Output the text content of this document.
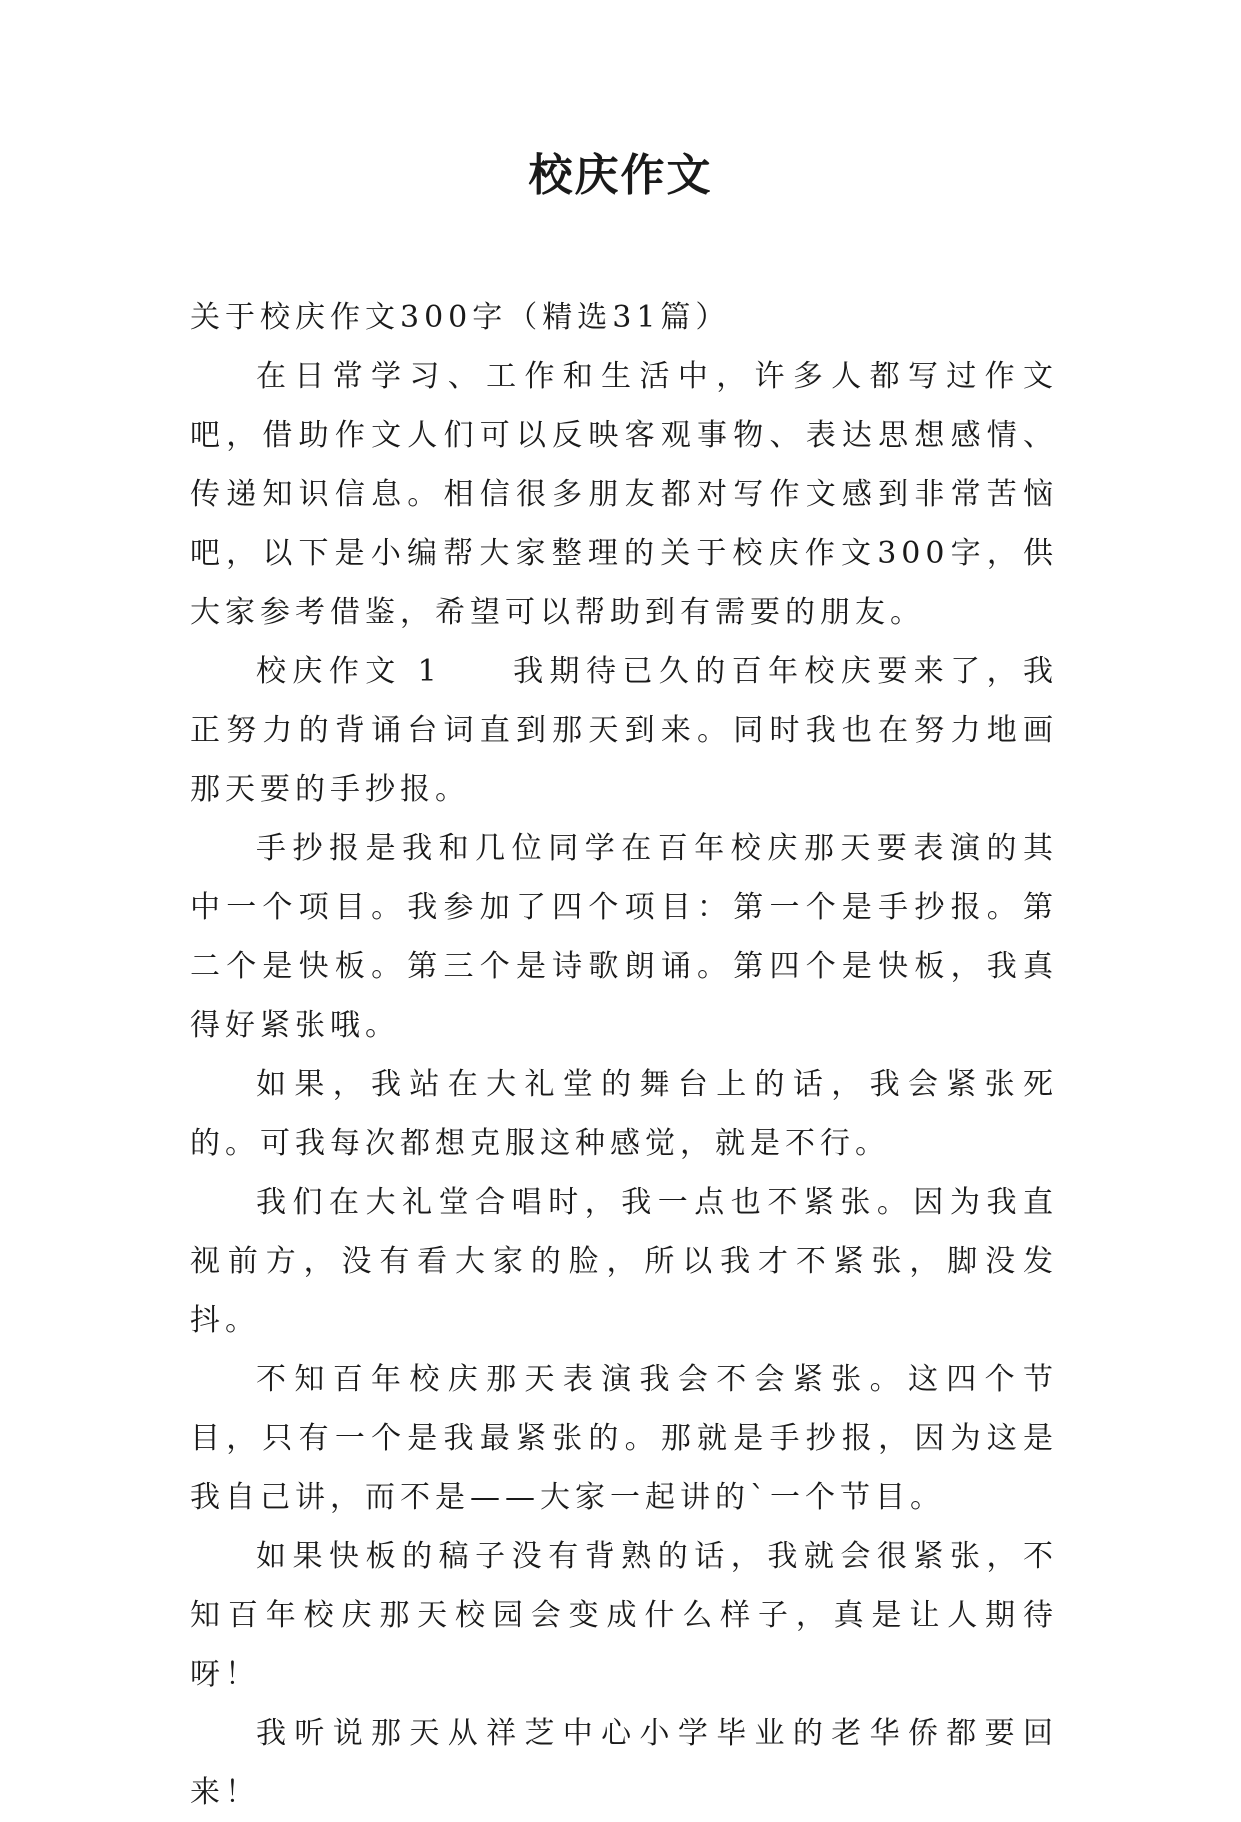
校庆作文

关于校庆作文300字（精选31篇）

在日常学习、工作和生活中，许多人都写过作文吧，借助作文人们可以反映客观事物、表达思想感情、传递知识信息。相信很多朋友都对写作文感到非常苦恼吧，以下是小编帮大家整理的关于校庆作文300字，供大家参考借鉴，希望可以帮助到有需要的朋友。

校庆作文 1 我期待已久的百年校庆要来了，我正努力的背诵台词直到那天到来。同时我也在努力地画那天要的手抄报。

手抄报是我和几位同学在百年校庆那天要表演的其中一个项目。我参加了四个项目：第一个是手抄报。第二个是快板。第三个是诗歌朗诵。第四个是快板，我真得好紧张哦。

如果，我站在大礼堂的舞台上的话，我会紧张死的。可我每次都想克服这种感觉，就是不行。

我们在大礼堂合唱时，我一点也不紧张。因为我直视前方，没有看大家的脸，所以我才不紧张，脚没发抖。

不知百年校庆那天表演我会不会紧张。这四个节目，只有一个是我最紧张的。那就是手抄报，因为这是我自己讲，而不是——大家一起讲的`一个节目。

如果快板的稿子没有背熟的话，我就会很紧张，不知百年校庆那天校园会变成什么样子，真是让人期待呀！

我听说那天从祥芝中心小学毕业的老华侨都要回来！
